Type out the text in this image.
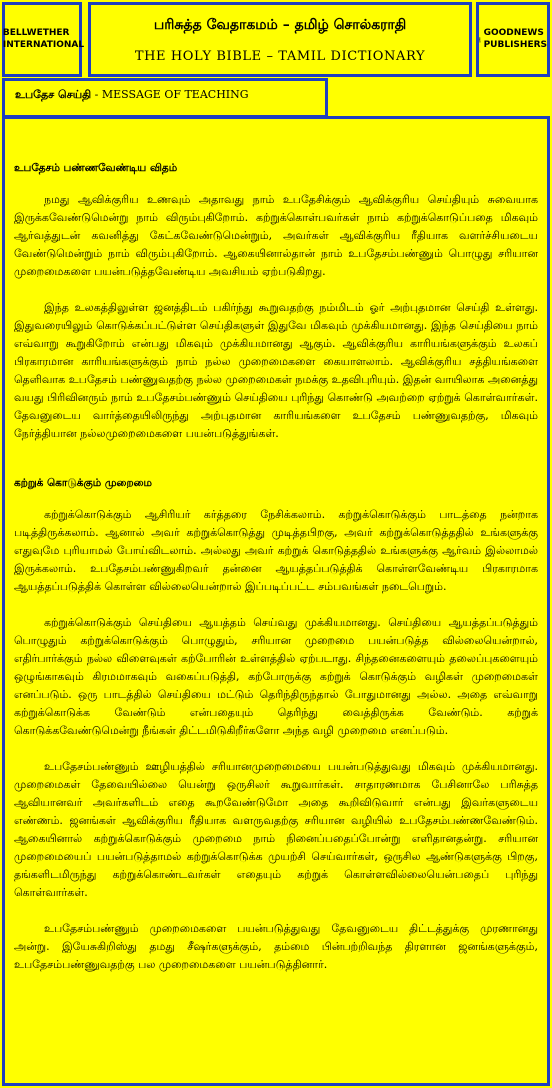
BELLWETHER
INTERNATIONAL
பரிசுத்த வேதாகமம் – தமிழ் சொல்கராதி
THE HOLY BIBLE – TAMIL DICTIONARY
GOODNEWS
PUBLISHERS
உபதேச செய்தி - MESSAGE OF TEACHING

உபதேசம் பண்ணவேண்டிய விதம்

நமது ஆவிக்குரிய உணவும் அதாவது நாம் உபதேசிக்கும் ஆவிக்குரிய செய்தியும் சுவையாக இருக்கவேண்டுமென்று நாம் விரும்புகிறோம். கற்றுக்கொள்பவர்கள் நாம் கற்றுக்கொடுப்பதை மிகவும் ஆர்வத்துடன் கவனித்து கேட்கவேண்டுமென்றும், அவர்கள் ஆவிக்குரிய ரீதியாக வளர்ச்சியடைய வேண்டுமென்றும் நாம் விரும்புகிறோம். ஆகையினால்தான் நாம் உபதேசம்பண்ணும் பொழுது சரியான முறைமைகளை பயன்படுத்தவேண்டிய அவசியம் ஏற்படுகிறது.

இந்த உலகத்திலுள்ள ஜனத்திடம் பகிர்ந்து கூறுவதற்கு நம்மிடம் ஓர் அற்புதமான செய்தி உள்ளது. இதுவரையிலும் கொடுக்கப்பட்டுள்ள செய்திகளுள் இதுவே மிகவும் முக்கியமானது. இந்த செய்தியை நாம் எவ்வாறு கூறுகிறோம் என்பது மிகவும் முக்கியமானது ஆகும். ஆவிக்குரிய காரியங்களுக்கும் உலகப் பிரகாரமான காரியங்களுக்கும் நாம் நல்ல முறைமைகளை கையாளலாம். ஆவிக்குரிய சத்தியங்களை தெளிவாக உபதேசம் பண்ணுவதற்கு நல்ல முறைமைகள் நமக்கு உதவிபுரியும். இதன் வாயிலாக அனைத்து வயது பிரிவினரும் நாம் உபதேசம்பண்ணும் செய்தியை புரிந்து கொண்டு அவற்றை ஏற்றுக் கொள்வார்கள். தேவனுடைய வார்த்தையிலிருந்து அற்புதமான காரியங்களை உபதேசம் பண்ணுவதற்கு, மிகவும் நேர்த்தியான நல்லமுறைமைகளை பயன்படுத்துங்கள்.

கற்றுக் கொடுக்கும் முறைமை

கற்றுக்கொடுக்கும் ஆசிரியர் கர்த்தரை நேசிக்கலாம். கற்றுக்கொடுக்கும் பாடத்தை நன்றாக படித்திருக்கலாம். ஆனால் அவர் கற்றுக்கொடுத்து முடித்தபிறகு, அவர் கற்றுக்கொடுத்ததில் உங்களுக்கு எதுவுமே புரியாமல் போய்விடலாம். அல்லது அவர் கற்றுக் கொடுத்ததில் உங்களுக்கு ஆர்வம் இல்லாமல் இருக்கலாம். உபதேசம்பண்ணுகிறவர் தன்னை ஆயத்தப்படுத்திக் கொள்ளவேண்டிய பிரகாரமாக ஆயத்தப்படுத்திக் கொள்ள வில்லையென்றால் இப்படிப்பட்ட சம்பவங்கள் நடைபெறும்.

கற்றுக்கொடுக்கும் செய்தியை ஆயத்தம் செய்வது முக்கியமானது. செய்தியை ஆயத்தப்படுத்தும் பொழுதும் கற்றுக்கொடுக்கும் பொழுதும், சரியான முறைமை பயன்படுத்த வில்லையென்றால், எதிர்பார்க்கும் நல்ல விளைவுகள் கற்போரின் உள்ளத்தில் ஏற்படாது. சிந்தனைகளையும் தலைப்புகளையும் ஒழுங்காகவும் கிரமமாகவும் வகைப்படுத்தி, கற்போருக்கு கற்றுக் கொடுக்கும் வழிகள் முறைமைகள் எனப்படும். ஒரு பாடத்தில் செய்தியை மட்டும் தெரிந்திருந்தால் போதுமானது அல்ல. அதை எவ்வாறு கற்றுக்கொடுக்க வேண்டும் என்பதையும் தெரிந்து வைத்திருக்க வேண்டும். கற்றுக் கொடுக்கவேண்டுமென்று நீங்கள் திட்டமிடுகிறீர்களோ அந்த வழி முறைமை எனப்படும்.

உபதேசம்பண்ணும் ஊழியத்தில் சரியானமுறைமையை பயன்படுத்துவது மிகவும் முக்கியமானது. முறைமைகள் தேவையில்லை யென்று ஒருசிலர் கூறுவார்கள். சாதாரணமாக பேசினாலே பரிசுத்த ஆவியானவர் அவர்களிடம் எதை கூறவேண்டுமோ அதை கூறிவிடுவார் என்பது இவர்களுடைய எண்ணம். ஜனங்கள் ஆவிக்குரிய ரீதியாக வளருவதற்கு சரியான வழியில் உபதேசம்பண்ணவேண்டும். ஆகையினால் கற்றுக்கொடுக்கும் முறைமை நாம் நினைப்பதைப்போன்று எளிதானதன்று. சரியான முறைமையைப் பயன்படுத்தாமல் கற்றுக்கொடுக்க முயற்சி செய்வார்கள், ஒருசில ஆண்டுகளுக்கு பிறகு, தங்களிடமிருந்து கற்றுக்கொண்டவர்கள் எதையும் கற்றுக் கொள்ளவில்லையென்பதைப் புரிந்து கொள்வார்கள்.

உபதேசம்பண்ணும் முறைமைகளை பயன்படுத்துவது தேவனுடைய திட்டத்துக்கு முரணானது அன்று. இயேசுகிறிஸ்து தமது சீஷர்களுக்கும், தம்மை பின்பற்றிவந்த திரளான ஜனங்களுக்கும், உபதேசம்பண்ணுவதற்கு பல முறைமைகளை பயன்படுத்தினார்.
